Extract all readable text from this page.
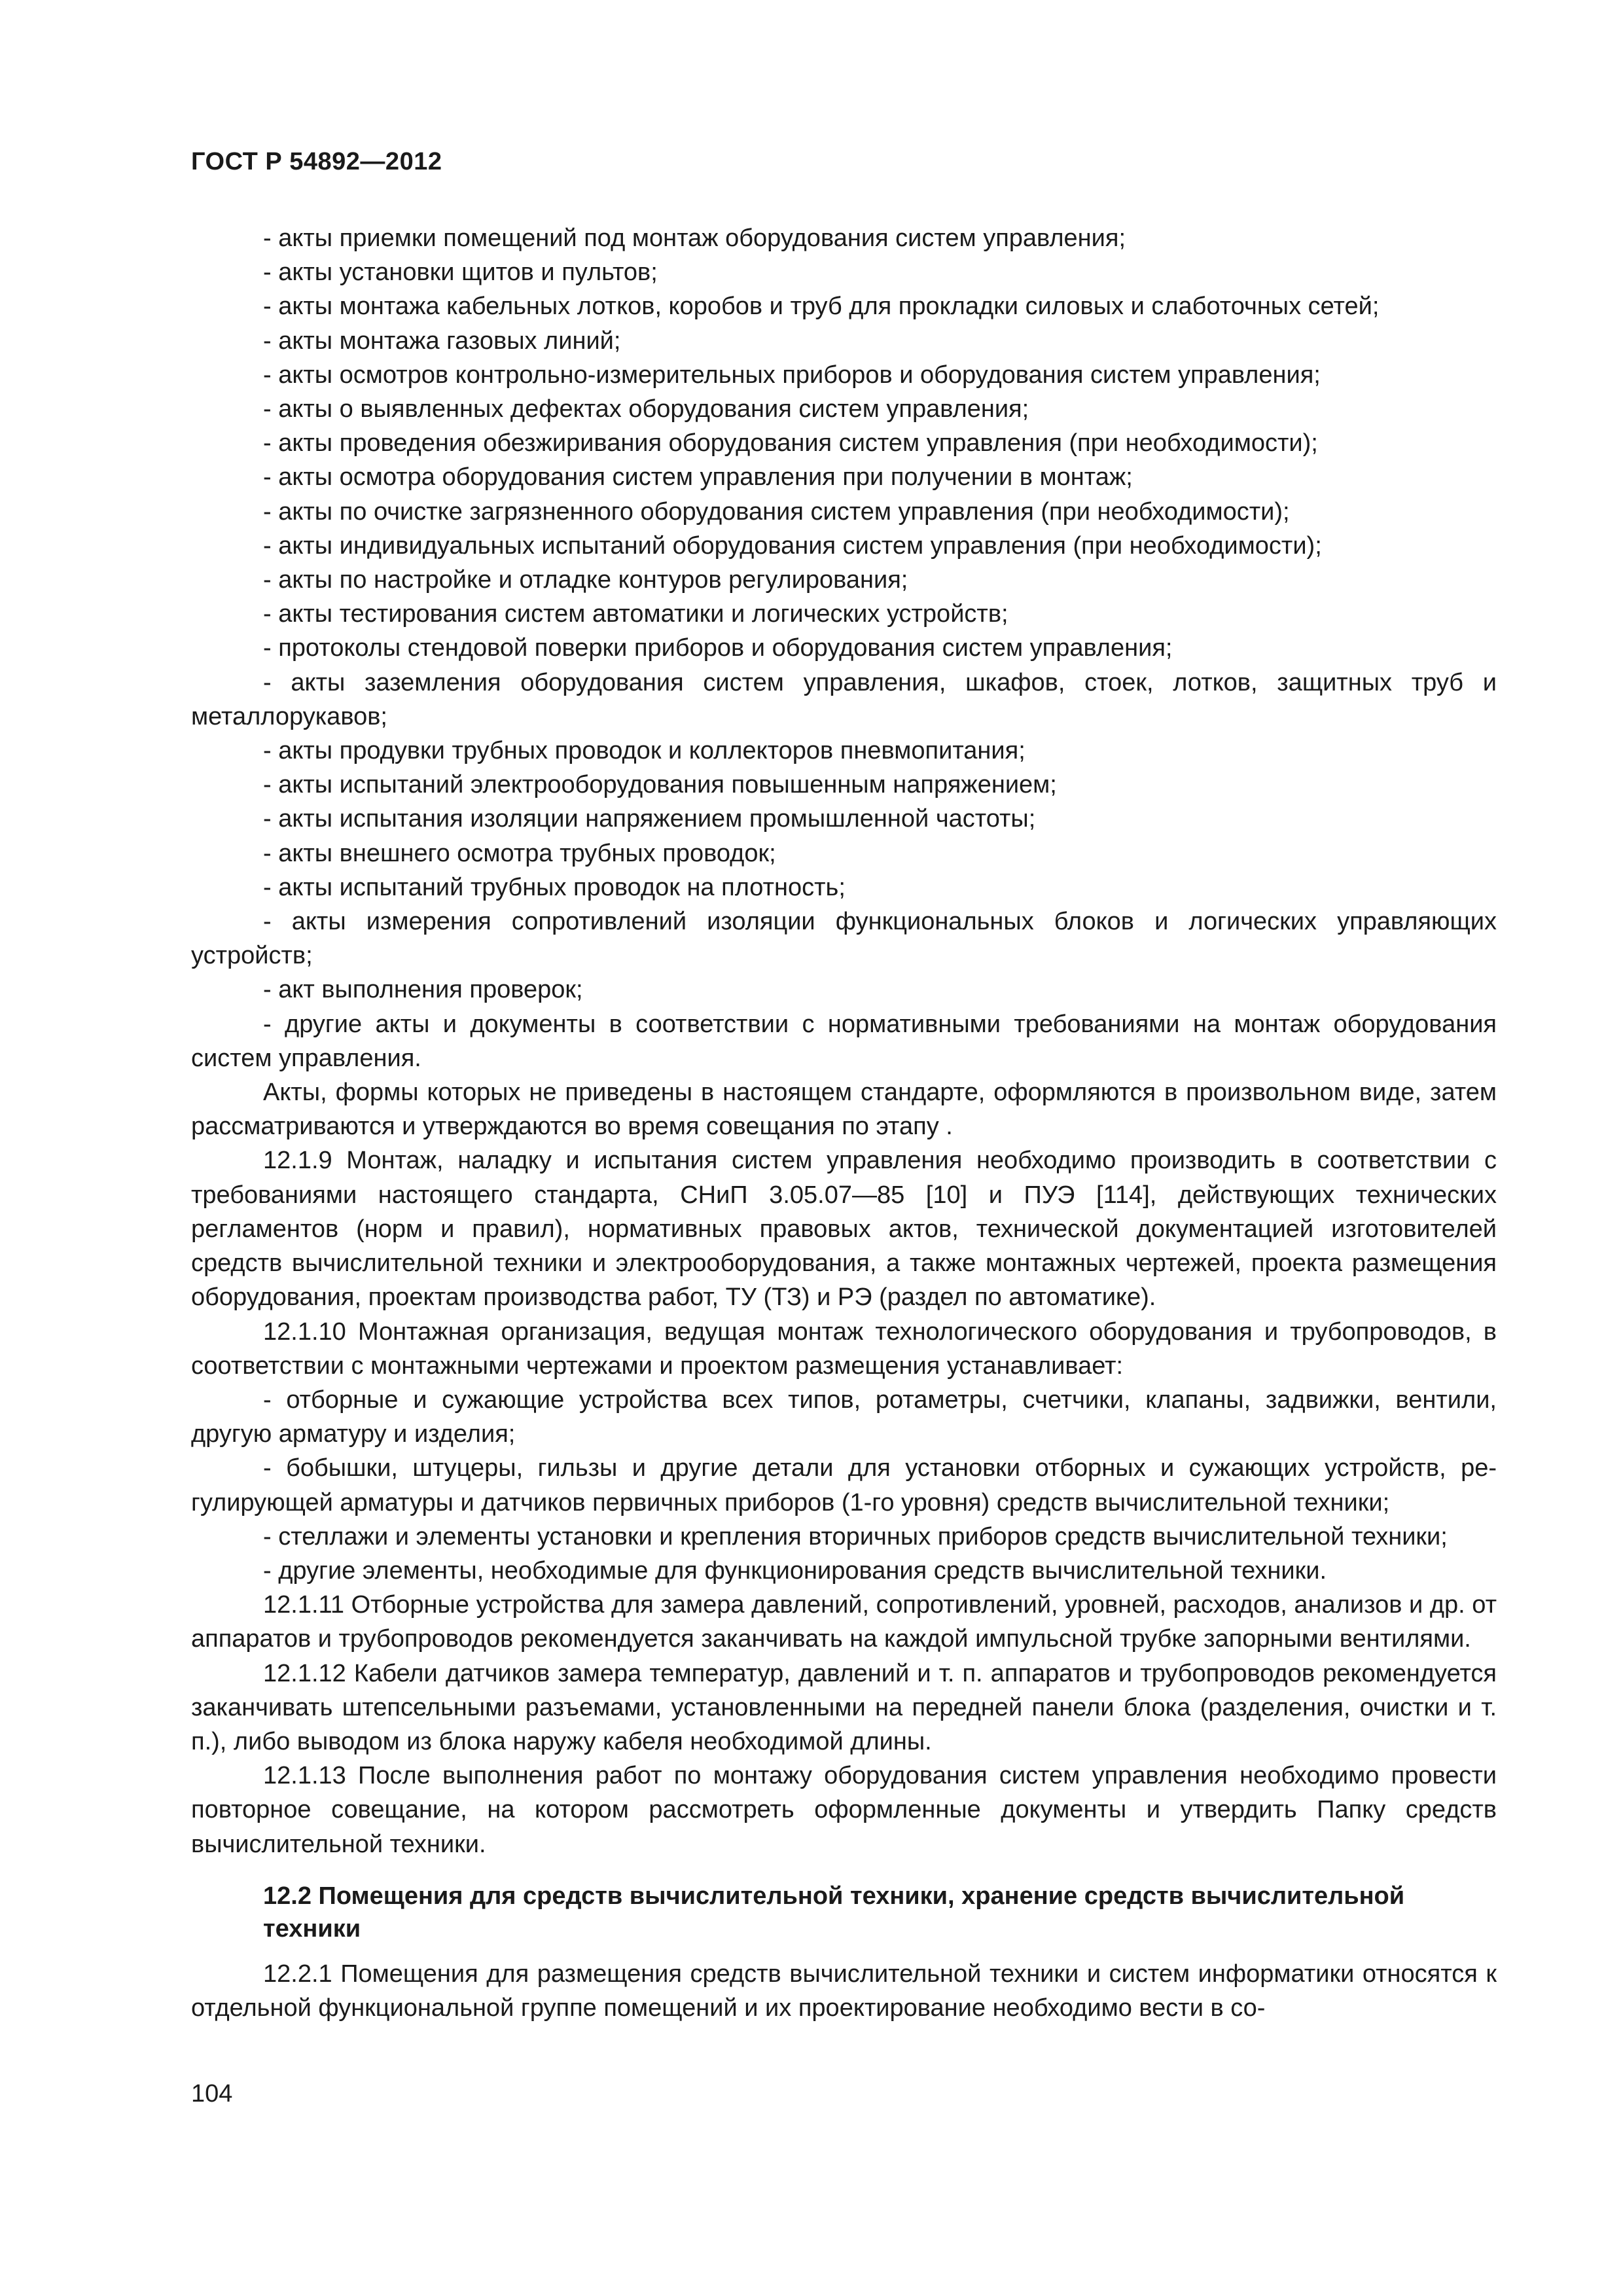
ГОСТ Р 54892—2012

- акты приемки помещений под монтаж оборудования систем управления;

- акты установки щитов и пультов;

- акты монтажа кабельных лотков, коробов и труб для прокладки силовых и слаботочных сетей;

- акты монтажа газовых линий;

- акты осмотров контрольно-измерительных приборов и оборудования систем управления;

- акты о выявленных дефектах оборудования систем управления;

- акты проведения обезжиривания оборудования систем управления (при необходимости);

- акты осмотра оборудования систем управления при получении в монтаж;

- акты по очистке загрязненного оборудования систем управления (при необходимости);

- акты индивидуальных испытаний оборудования систем управления (при необходимости);

- акты по настройке и отладке контуров регулирования;

- акты тестирования систем автоматики и логических устройств;

- протоколы стендовой поверки приборов и оборудования систем управления;

- акты заземления оборудования систем управления, шкафов, стоек, лотков, защитных труб и металлорукавов;

- акты продувки трубных проводок и коллекторов пневмопитания;

- акты испытаний электрооборудования повышенным напряжением;

- акты испытания изоляции напряжением промышленной частоты;

- акты внешнего осмотра трубных проводок;

- акты испытаний трубных проводок на плотность;

- акты измерения сопротивлений изоляции функциональных блоков и логических управляющих устройств;

- акт выполнения проверок;

- другие акты и документы в соответствии с нормативными требованиями на монтаж оборудования систем управления.

Акты, формы которых не приведены в настоящем стандарте, оформляются в произвольном виде, затем рассматриваются и утверждаются во время совещания по этапу .

12.1.9 Монтаж, наладку и испытания систем управления необходимо производить в соответствии с требованиями настоящего стандарта, СНиП 3.05.07—85 [10] и ПУЭ [114], действующих технических регламентов (норм и правил), нормативных правовых актов, технической документацией изготовителей средств вычислительной техники и электрооборудования, а также монтажных чертежей, проекта размещения оборудования, проектам производства работ, ТУ (ТЗ) и РЭ (раздел по автоматике).

12.1.10 Монтажная организация, ведущая монтаж технологического оборудования и трубопроводов, в соответствии с монтажными чертежами и проектом размещения устанавливает:

- отборные и сужающие устройства всех типов, ротаметры, счетчики, клапаны, задвижки, вентили, другую арматуру и изделия;

- бобышки, штуцеры, гильзы и другие детали для установки отборных и сужающих устройств, регулирующей арматуры и датчиков первичных приборов (1-го уровня) средств вычислительной техники;

- стеллажи и элементы установки и крепления вторичных приборов средств вычислительной техники;

- другие элементы, необходимые для функционирования средств вычислительной техники.

12.1.11 Отборные устройства для замера давлений, сопротивлений, уровней, расходов, анализов и др. от аппаратов и трубопроводов рекомендуется заканчивать на каждой импульсной трубке запорными вентилями.

12.1.12 Кабели датчиков замера температур, давлений и т. п. аппаратов и трубопроводов рекомендуется заканчивать штепсельными разъемами, установленными на передней панели блока (разделения, очистки и т. п.), либо выводом из блока наружу кабеля необходимой длины.

12.1.13 После выполнения работ по монтажу оборудования систем управления необходимо провести повторное совещание, на котором рассмотреть оформленные документы и утвердить Папку средств вычислительной техники.

12.2 Помещения для средств вычислительной техники, хранение средств вычислительной техники

12.2.1 Помещения для размещения средств вычислительной техники и систем информатики относятся к отдельной функциональной группе помещений и их проектирование необходимо вести в со-

104
